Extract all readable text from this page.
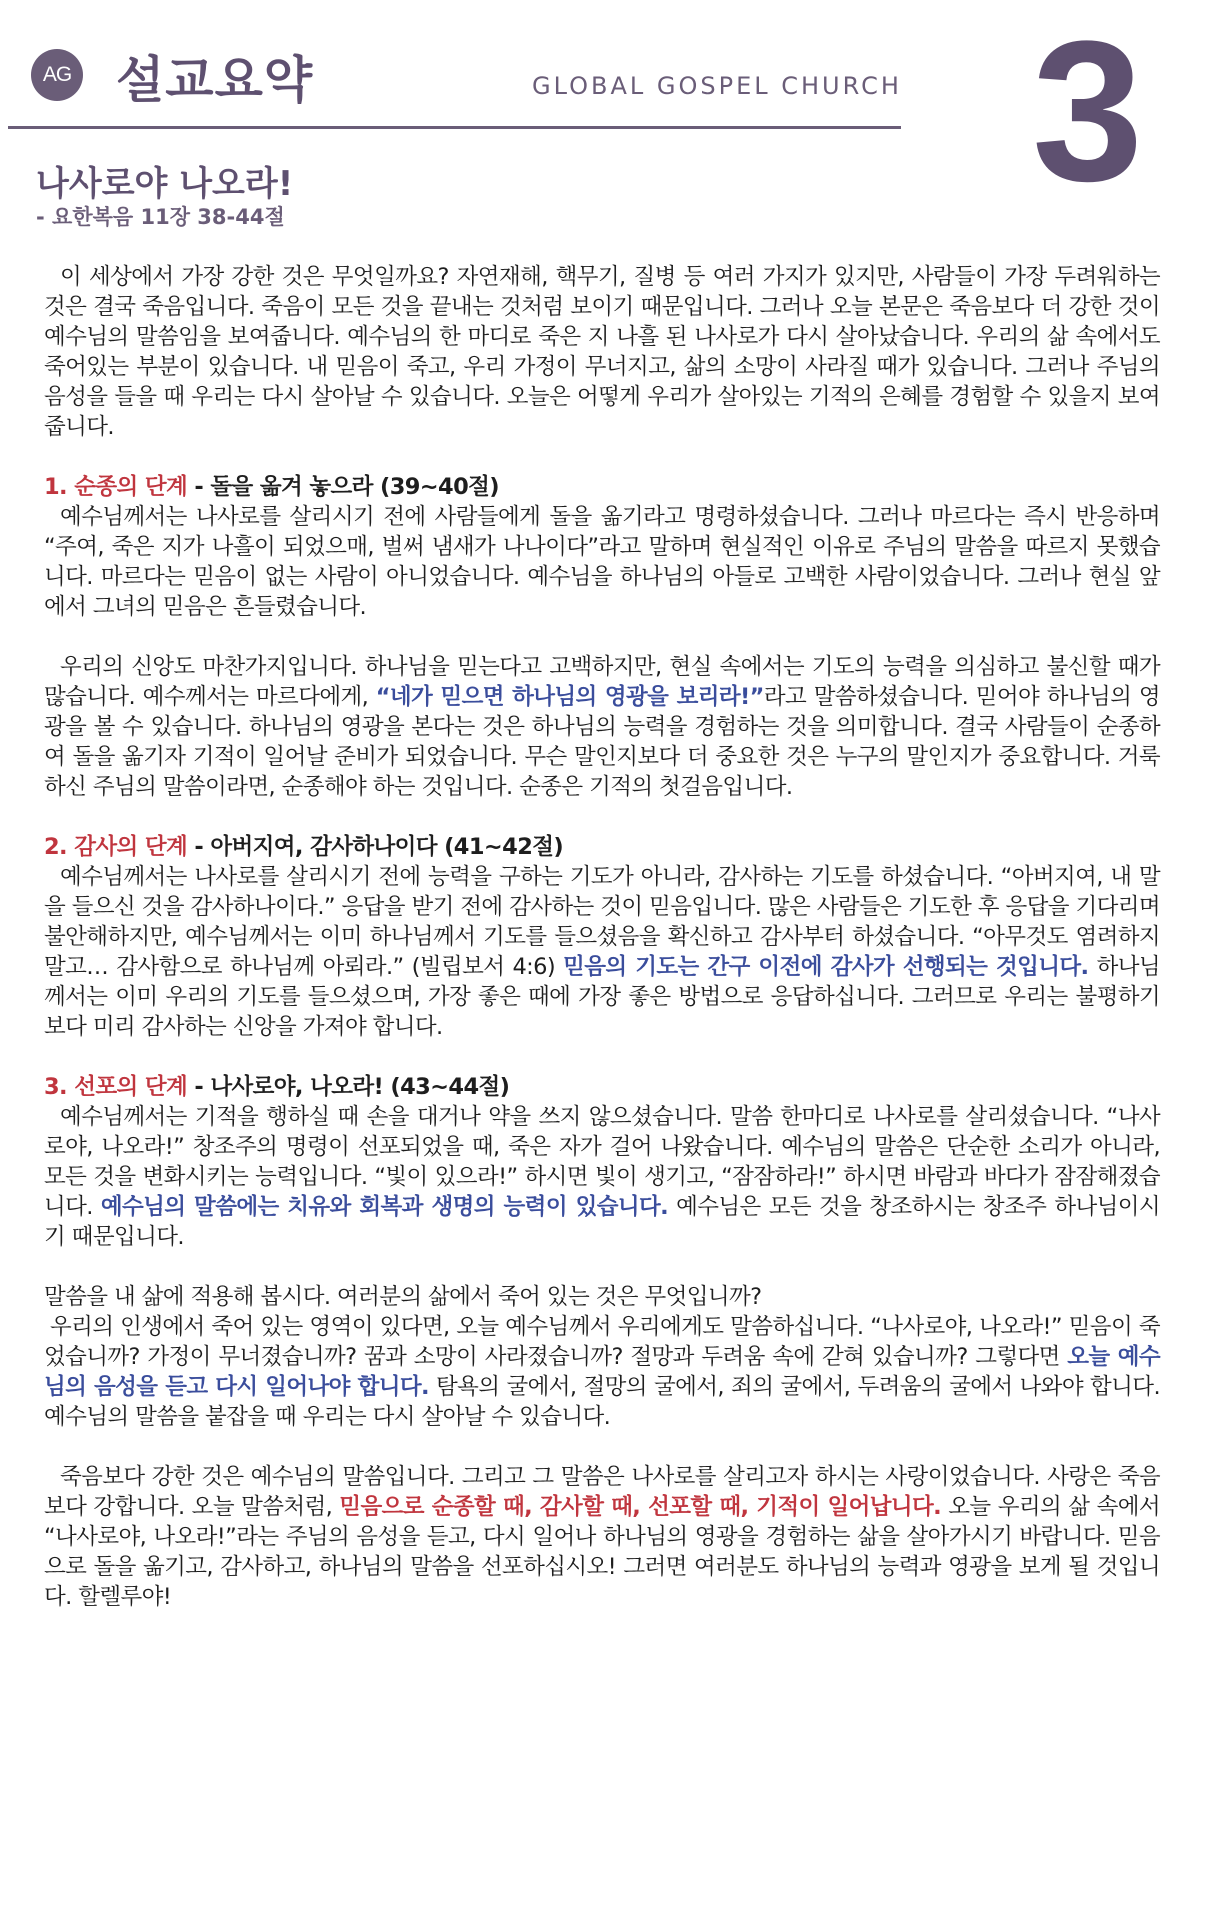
AG 설교요약	GLOBAL GOSPEL CHURCH 3
나사로야 나오라!
- 요한복음 11장 38-44절

이 세상에서 가장 강한 것은 무엇일까요? 자연재해, 핵무기, 질병 등 여러 가지가 있지만, 사람들이 가장 두려워하는 것은 결국 죽음입니다. 죽음이 모든 것을 끝내는 것처럼 보이기 때문입니다. 그러나 오늘 본문은 죽음보다 더 강한 것이 예수님의 말씀임을 보여줍니다. 예수님의 한 마디로 죽은 지 나흘 된 나사로가 다시 살아났습니다. 우리의 삶 속에서도 죽어있는 부분이 있습니다. 내 믿음이 죽고, 우리 가정이 무너지고, 삶의 소망이 사라질 때가 있습니다. 그러나 주님의 음성을 들을 때 우리는 다시 살아날 수 있습니다. 오늘은 어떻게 우리가 살아있는 기적의 은혜를 경험할 수 있을지 보여 줍니다.

1. 순종의 단계 - 돌을 옮겨 놓으라 (39~40절)

예수님께서는 나사로를 살리시기 전에 사람들에게 돌을 옮기라고 명령하셨습니다. 그러나 마르다는 즉시 반응하며 “주여, 죽은 지가 나흘이 되었으매, 벌써 냄새가 나나이다”라고 말하며 현실적인 이유로 주님의 말씀을 따르지 못했습니다. 마르다는 믿음이 없는 사람이 아니었습니다. 예수님을 하나님의 아들로 고백한 사람이었습니다. 그러나 현실 앞에서 그녀의 믿음은 흔들렸습니다.

우리의 신앙도 마찬가지입니다. 하나님을 믿는다고 고백하지만, 현실 속에서는 기도의 능력을 의심하고 불신할 때가 많습니다. 예수께서는 마르다에게, “네가 믿으면 하나님의 영광을 보리라!”라고 말씀하셨습니다. 믿어야 하나님의 영광을 볼 수 있습니다. 하나님의 영광을 본다는 것은 하나님의 능력을 경험하는 것을 의미합니다. 결국 사람들이 순종하여 돌을 옮기자 기적이 일어날 준비가 되었습니다. 무슨 말인지보다 더 중요한 것은 누구의 말인지가 중요합니다. 거룩하신 주님의 말씀이라면, 순종해야 하는 것입니다. 순종은 기적의 첫걸음입니다.

2. 감사의 단계 - 아버지여, 감사하나이다 (41~42절)

예수님께서는 나사로를 살리시기 전에 능력을 구하는 기도가 아니라, 감사하는 기도를 하셨습니다. “아버지여, 내 말을 들으신 것을 감사하나이다.” 응답을 받기 전에 감사하는 것이 믿음입니다. 많은 사람들은 기도한 후 응답을 기다리며 불안해하지만, 예수님께서는 이미 하나님께서 기도를 들으셨음을 확신하고 감사부터 하셨습니다. “아무것도 염려하지 말고… 감사함으로 하나님께 아뢰라.” (빌립보서 4:6) 믿음의 기도는 간구 이전에 감사가 선행되는 것입니다. 하나님께서는 이미 우리의 기도를 들으셨으며, 가장 좋은 때에 가장 좋은 방법으로 응답하십니다. 그러므로 우리는 불평하기보다 미리 감사하는 신앙을 가져야 합니다.

3. 선포의 단계 - 나사로야, 나오라! (43~44절)

예수님께서는 기적을 행하실 때 손을 대거나 약을 쓰지 않으셨습니다. 말씀 한마디로 나사로를 살리셨습니다. “나사로야, 나오라!” 창조주의 명령이 선포되었을 때, 죽은 자가 걸어 나왔습니다. 예수님의 말씀은 단순한 소리가 아니라, 모든 것을 변화시키는 능력입니다. “빛이 있으라!” 하시면 빛이 생기고, “잠잠하라!” 하시면 바람과 바다가 잠잠해졌습니다. 예수님의 말씀에는 치유와 회복과 생명의 능력이 있습니다. 예수님은 모든 것을 창조하시는 창조주 하나님이시기 때문입니다.

말씀을 내 삶에 적용해 봅시다. 여러분의 삶에서 죽어 있는 것은 무엇입니까?

우리의 인생에서 죽어 있는 영역이 있다면, 오늘 예수님께서 우리에게도 말씀하십니다. “나사로야, 나오라!” 믿음이 죽었습니까? 가정이 무너졌습니까? 꿈과 소망이 사라졌습니까? 절망과 두려움 속에 갇혀 있습니까? 그렇다면 오늘 예수님의 음성을 듣고 다시 일어나야 합니다. 탐욕의 굴에서, 절망의 굴에서, 죄의 굴에서, 두려움의 굴에서 나와야 합니다. 예수님의 말씀을 붙잡을 때 우리는 다시 살아날 수 있습니다.

죽음보다 강한 것은 예수님의 말씀입니다. 그리고 그 말씀은 나사로를 살리고자 하시는 사랑이었습니다. 사랑은 죽음보다 강합니다. 오늘 말씀처럼, 믿음으로 순종할 때, 감사할 때, 선포할 때, 기적이 일어납니다. 오늘 우리의 삶 속에서 “나사로야, 나오라!”라는 주님의 음성을 듣고, 다시 일어나 하나님의 영광을 경험하는 삶을 살아가시기 바랍니다. 믿음으로 돌을 옮기고, 감사하고, 하나님의 말씀을 선포하십시오! 그러면 여러분도 하나님의 능력과 영광을 보게 될 것입니다. 할렐루야!
